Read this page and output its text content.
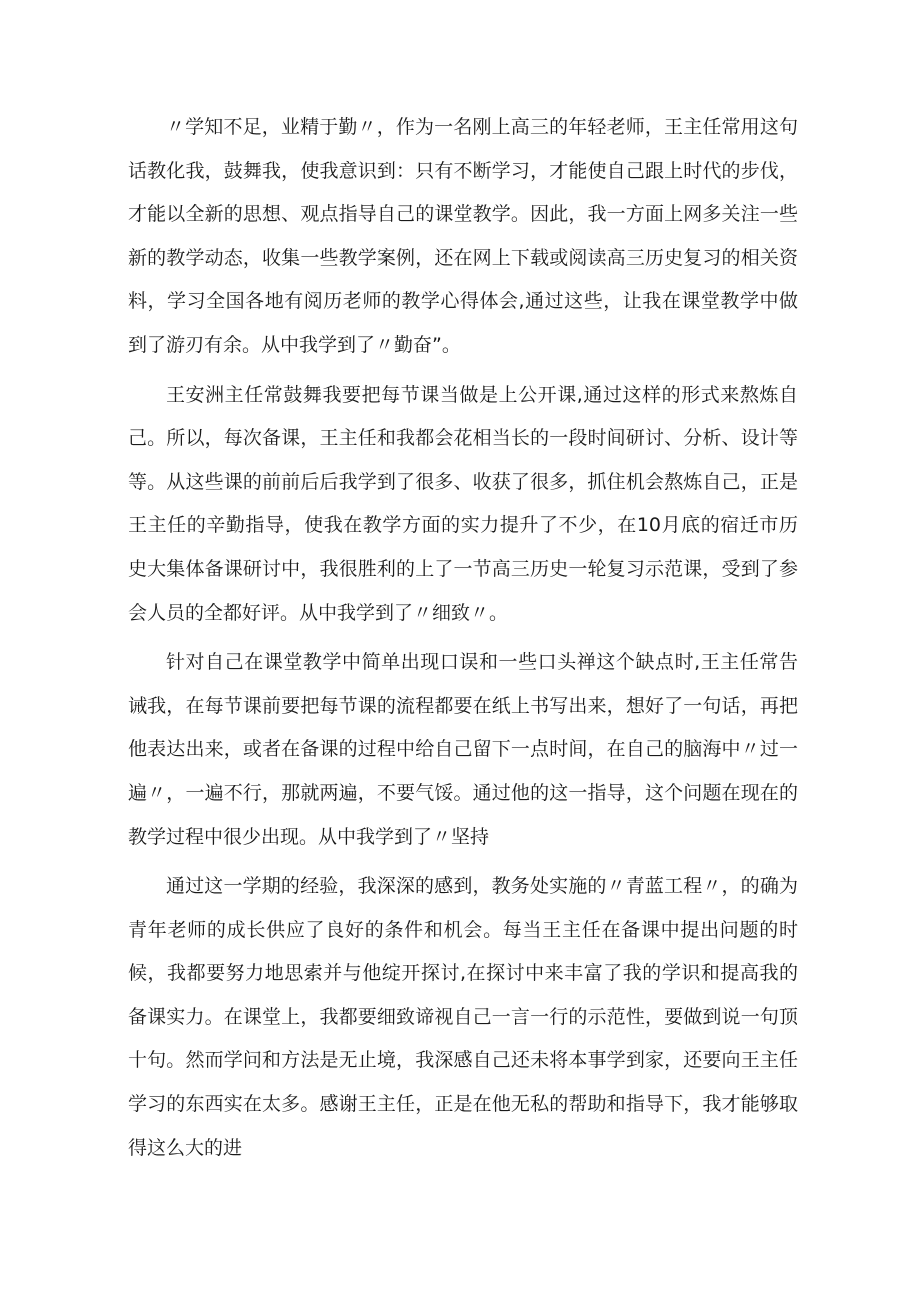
〃学知不足，业精于勤〃，作为一名刚上高三的年轻老师，王主任常用这句话教化我，鼓舞我，使我意识到：只有不断学习，才能使自己跟上时代的步伐，才能以全新的思想、观点指导自己的课堂教学。因此，我一方面上网多关注一些新的教学动态，收集一些教学案例，还在网上下载或阅读高三历史复习的相关资料，学习全国各地有阅历老师的教学心得体会,通过这些，让我在课堂教学中做到了游刃有余。从中我学到了〃勤奋”。

王安洲主任常鼓舞我要把每节课当做是上公开课,通过这样的形式来熬炼自己。所以，每次备课，王主任和我都会花相当长的一段时间研讨、分析、设计等等。从这些课的前前后后我学到了很多、收获了很多，抓住机会熬炼自己，正是王主任的辛勤指导，使我在教学方面的实力提升了不少，在10月底的宿迁市历史大集体备课研讨中，我很胜利的上了一节高三历史一轮复习示范课，受到了参会人员的全都好评。从中我学到了〃细致〃。

针对自己在课堂教学中简单出现口误和一些口头禅这个缺点时,王主任常告诫我，在每节课前要把每节课的流程都要在纸上书写出来，想好了一句话，再把他表达出来，或者在备课的过程中给自己留下一点时间，在自己的脑海中〃过一遍〃，一遍不行，那就两遍，不要气馁。通过他的这一指导，这个问题在现在的教学过程中很少出现。从中我学到了〃坚持

通过这一学期的经验，我深深的感到，教务处实施的〃青蓝工程〃，的确为青年老师的成长供应了良好的条件和机会。每当王主任在备课中提出问题的时候，我都要努力地思索并与他绽开探讨,在探讨中来丰富了我的学识和提高我的备课实力。在课堂上，我都要细致谛视自己一言一行的示范性，要做到说一句顶十句。然而学问和方法是无止境，我深感自己还未将本事学到家，还要向王主任学习的东西实在太多。感谢王主任，正是在他无私的帮助和指导下，我才能够取得这么大的进
